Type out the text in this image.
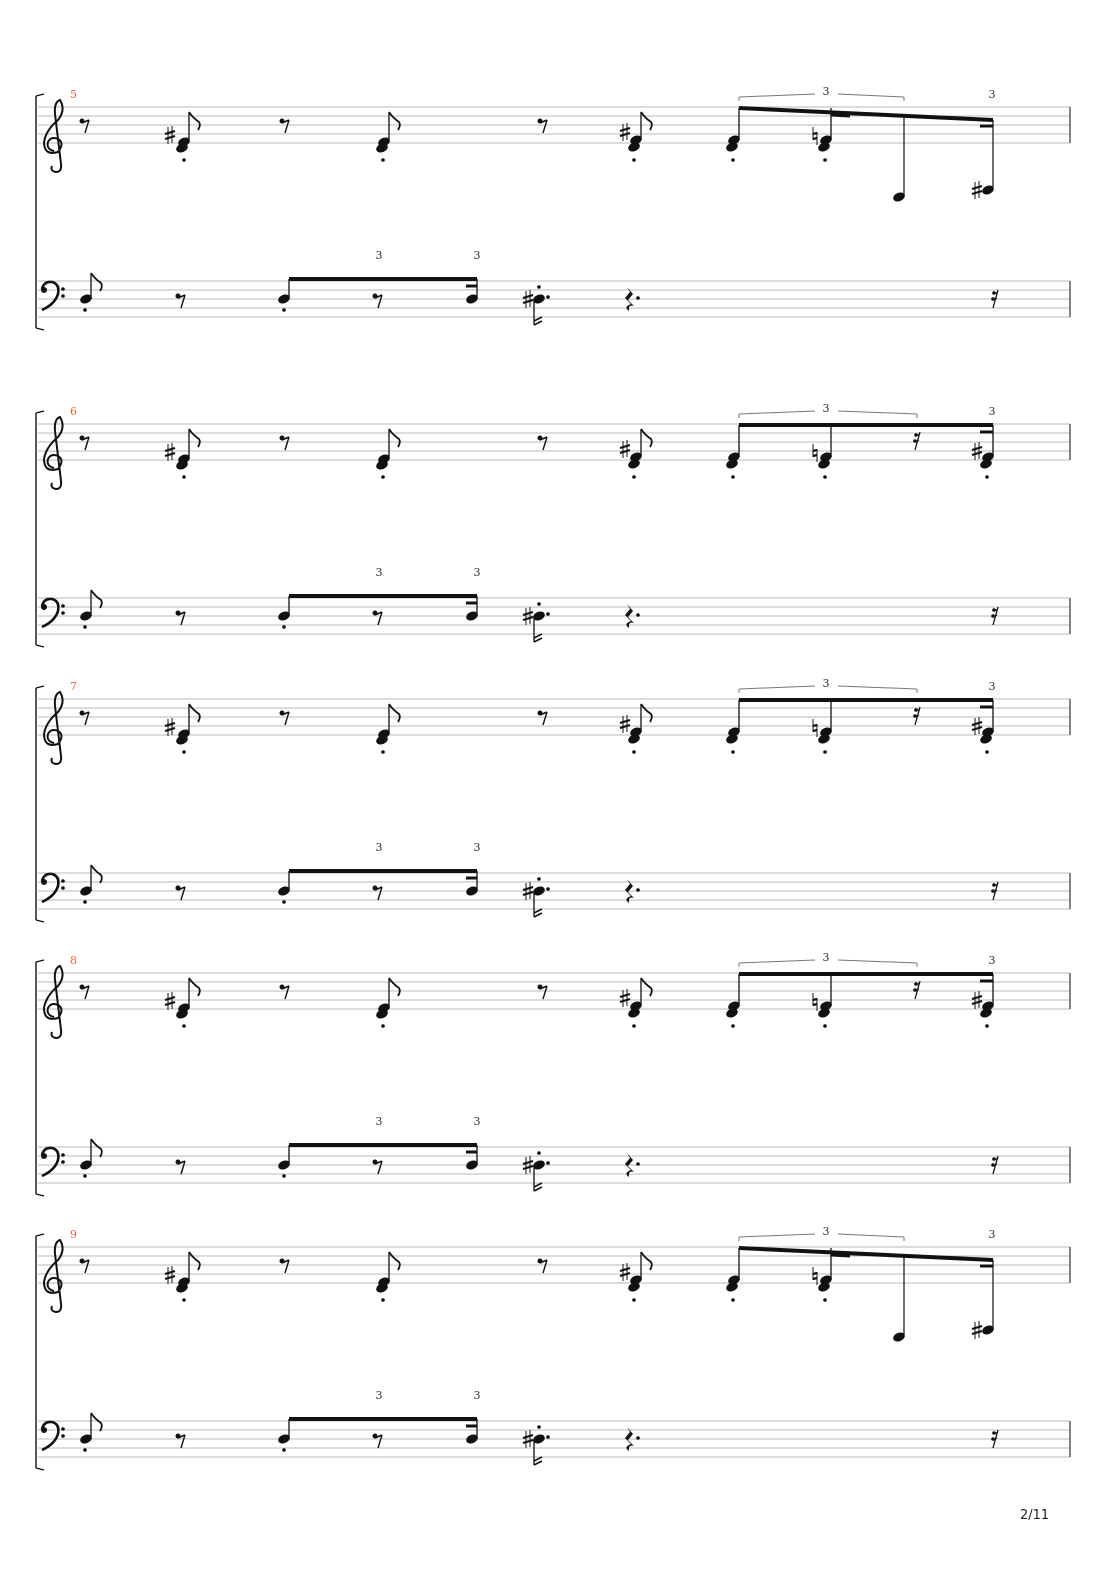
5	3	3
3	3
6	3	3
3	3
7	3	3
3	3
8	3	3
3	3
9	3	3
3	3
2/11
